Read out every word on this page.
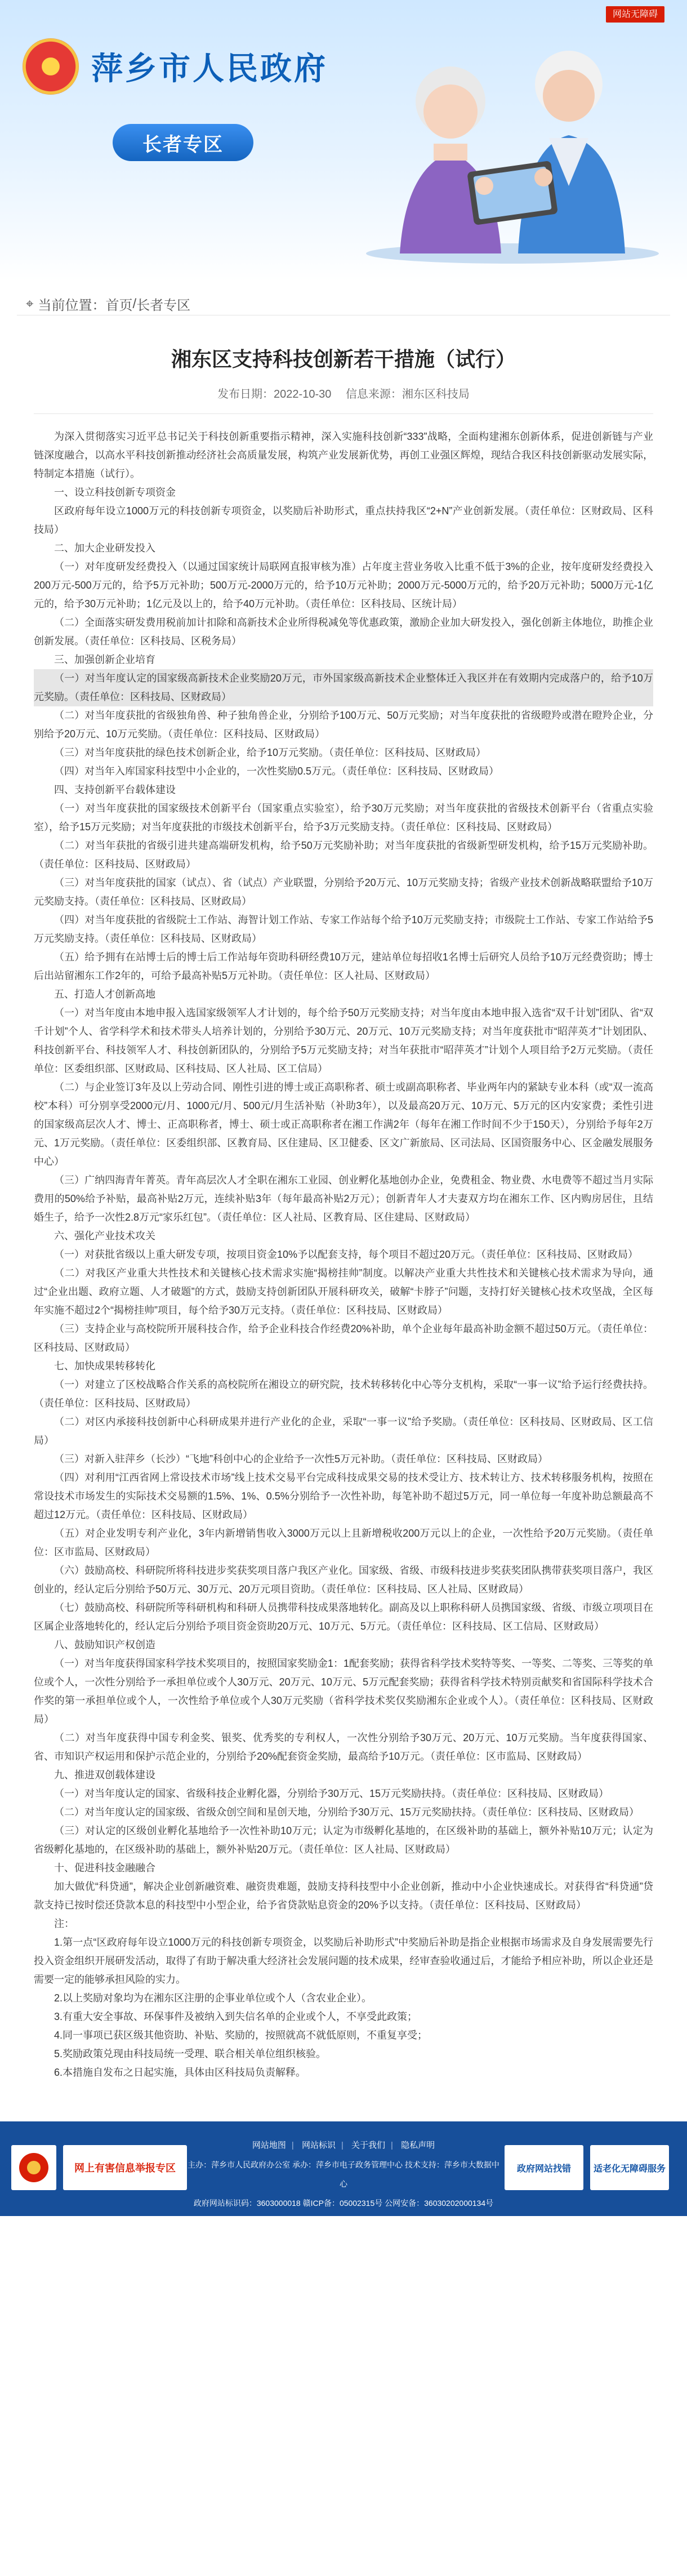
网站无障碍
萍乡市人民政府
长者专区
⌖ 当前位置： 首页 / 长者专区
湘东区支持科技创新若干措施（试行）
发布日期：2022-10-30 信息来源：湘东区科技局

为深入贯彻落实习近平总书记关于科技创新重要指示精神，深入实施科技创新“333”战略，全面构建湘东创新体系，促进创新链与产业链深度融合，以高水平科技创新推动经济社会高质量发展，构筑产业发展新优势，再创工业强区辉煌，现结合我区科技创新驱动发展实际，特制定本措施（试行）。

一、设立科技创新专项资金

区政府每年设立1000万元的科技创新专项资金，以奖励后补助形式，重点扶持我区“2+N”产业创新发展。（责任单位：区财政局、区科技局）

二、加大企业研发投入

（一）对年度研发经费投入（以通过国家统计局联网直报审核为准）占年度主营业务收入比重不低于3%的企业，按年度研发经费投入200万元-500万元的，给予5万元补助；500万元-2000万元的，给予10万元补助；2000万元-5000万元的，给予20万元补助；5000万元-1亿元的，给予30万元补助；1亿元及以上的，给予40万元补助。（责任单位：区科技局、区统计局）

（二）全面落实研发费用税前加计扣除和高新技术企业所得税减免等优惠政策，激励企业加大研发投入，强化创新主体地位，助推企业创新发展。（责任单位：区科技局、区税务局）

三、加强创新企业培育

（一）对当年度认定的国家级高新技术企业奖励20万元，市外国家级高新技术企业整体迁入我区并在有效期内完成落户的，给予10万元奖励。（责任单位：区科技局、区财政局）

（二）对当年度获批的省级独角兽、种子独角兽企业，分别给予100万元、50万元奖励；对当年度获批的省级瞪羚或潜在瞪羚企业，分别给予20万元、10万元奖励。（责任单位：区科技局、区财政局）

（三）对当年度获批的绿色技术创新企业，给予10万元奖励。（责任单位：区科技局、区财政局）

（四）对当年入库国家科技型中小企业的，一次性奖励0.5万元。（责任单位：区科技局、区财政局）

四、支持创新平台载体建设

（一）对当年度获批的国家级技术创新平台（国家重点实验室），给予30万元奖励；对当年度获批的省级技术创新平台（省重点实验室），给予15万元奖励；对当年度获批的市级技术创新平台，给予3万元奖励支持。（责任单位：区科技局、区财政局）

（二）对当年获批的省级引进共建高端研发机构，给予50万元奖励补助；对当年度获批的省级新型研发机构，给予15万元奖励补助。（责任单位：区科技局、区财政局）

（三）对当年度获批的国家（试点）、省（试点）产业联盟，分别给予20万元、10万元奖励支持；省级产业技术创新战略联盟给予10万元奖励支持。（责任单位：区科技局、区财政局）

（四）对当年度获批的省级院士工作站、海智计划工作站、专家工作站每个给予10万元奖励支持；市级院士工作站、专家工作站给予5万元奖励支持。（责任单位：区科技局、区财政局）

（五）给予拥有在站博士后的博士后工作站每年资助科研经费10万元，建站单位每招收1名博士后研究人员给予10万元经费资助；博士后出站留湘东工作2年的，可给予最高补贴5万元补助。（责任单位：区人社局、区财政局）

五、打造人才创新高地

（一）对当年度由本地申报入选国家级领军人才计划的，每个给予50万元奖励支持；对当年度由本地申报入选省“双千计划”团队、省“双千计划”个人、省学科学术和技术带头人培养计划的，分别给予30万元、20万元、10万元奖励支持；对当年度获批市“昭萍英才”计划团队、科技创新平台、科技领军人才、科技创新团队的，分别给予5万元奖励支持；对当年获批市“昭萍英才”计划个人项目给予2万元奖励。（责任单位：区委组织部、区财政局、区科技局、区人社局、区工信局）

（二）与企业签订3年及以上劳动合同、刚性引进的博士或正高职称者、硕士或副高职称者、毕业两年内的紧缺专业本科（或“双一流高校”本科）可分别享受2000元/月、1000元/月、500元/月生活补贴（补助3年），以及最高20万元、10万元、5万元的区内安家费；柔性引进的国家级高层次人才、博士、正高职称者，博士、硕士或正高职称者在湘工作满2年（每年在湘工作时间不少于150天），分别给予每年2万元、1万元奖励。（责任单位：区委组织部、区教育局、区住建局、区卫健委、区文广新旅局、区司法局、区国资服务中心、区金融发展服务中心）

（三）广纳四海青年菁英。青年高层次人才全职在湘东工业园、创业孵化基地创办企业，免费租金、物业费、水电费等不超过当月实际费用的50%给予补贴，最高补贴2万元，连续补贴3年（每年最高补贴2万元）；创新青年人才夫妻双方均在湘东工作、区内购房居住，且结婚生子，给予一次性2.8万元“家乐红包”。（责任单位：区人社局、区教育局、区住建局、区财政局）

六、强化产业技术攻关

（一）对获批省级以上重大研发专项，按项目资金10%予以配套支持，每个项目不超过20万元。（责任单位：区科技局、区财政局）

（二）对我区产业重大共性技术和关键核心技术需求实施“揭榜挂帅”制度。以解决产业重大共性技术和关键核心技术需求为导向，通过“企业出题、政府立题、人才破题”的方式，鼓励支持创新团队开展科研攻关，破解“卡脖子”问题，支持打好关键核心技术攻坚战，全区每年实施不超过2个“揭榜挂帅”项目，每个给予30万元支持。（责任单位：区科技局、区财政局）

（三）支持企业与高校院所开展科技合作，给予企业科技合作经费20%补助，单个企业每年最高补助金额不超过50万元。（责任单位：区科技局、区财政局）

七、加快成果转移转化

（一）对建立了区校战略合作关系的高校院所在湘设立的研究院，技术转移转化中心等分支机构，采取“一事一议”给予运行经费扶持。（责任单位：区科技局、区财政局）

（二）对区内承接科技创新中心科研成果并进行产业化的企业，采取“一事一议”给予奖励。（责任单位：区科技局、区财政局、区工信局）

（三）对新入驻萍乡（长沙）“飞地”科创中心的企业给予一次性5万元补助。（责任单位：区科技局、区财政局）

（四）对利用“江西省网上常设技术市场”线上技术交易平台完成科技成果交易的技术受让方、技术转让方、技术转移服务机构，按照在常设技术市场发生的实际技术交易额的1.5%、1%、0.5%分别给予一次性补助，每笔补助不超过5万元，同一单位每一年度补助总额最高不超过12万元。（责任单位：区科技局、区财政局）

（五）对企业发明专利产业化，3年内新增销售收入3000万元以上且新增税收200万元以上的企业，一次性给予20万元奖励。（责任单位：区市监局、区财政局）

（六）鼓励高校、科研院所将科技进步奖获奖项目落户我区产业化。国家级、省级、市级科技进步奖获奖团队携带获奖项目落户，我区创业的，经认定后分别给予50万元、30万元、20万元项目资助。（责任单位：区科技局、区人社局、区财政局）

（七）鼓励高校、科研院所等科研机构和科研人员携带科技成果落地转化。副高及以上职称科研人员携国家级、省级、市级立项项目在区属企业落地转化的，经认定后分别给予项目资金资助20万元、10万元、5万元。（责任单位：区科技局、区工信局、区财政局）

八、鼓励知识产权创造

（一）对当年度获得国家科学技术奖项目的，按照国家奖励金1：1配套奖励；获得省科学技术奖特等奖、一等奖、二等奖、三等奖的单位或个人，一次性分别给予一承担单位或个人30万元、20万元、10万元、5万元配套奖励；获得省科学技术特别贡献奖和省国际科学技术合作奖的第一承担单位或个人，一次性给予单位或个人30万元奖励（省科学技术奖仅奖励湘东企业或个人）。（责任单位：区科技局、区财政局）

（二）对当年度获得中国专利金奖、银奖、优秀奖的专利权人，一次性分别给予30万元、20万元、10万元奖励。当年度获得国家、省、市知识产权运用和保护示范企业的，分别给予20%配套资金奖励，最高给予10万元。（责任单位：区市监局、区财政局）

九、推进双创载体建设

（一）对当年度认定的国家、省级科技企业孵化器，分别给予30万元、15万元奖励扶持。（责任单位：区科技局、区财政局）

（二）对当年度认定的国家级、省级众创空间和星创天地，分别给予30万元、15万元奖励扶持。（责任单位：区科技局、区财政局）

（三）对认定的区级创业孵化基地给予一次性补助10万元；认定为市级孵化基地的，在区级补助的基础上，额外补贴10万元；认定为省级孵化基地的，在区级补助的基础上，额外补贴20万元。（责任单位：区人社局、区财政局）

十、促进科技金融融合

加大做优“科贷通”，解决企业创新融资难、融资贵难题，鼓励支持科技型中小企业创新，推动中小企业快速成长。对获得省“科贷通”贷款支持已按时偿还贷款本息的科技型中小型企业，给予省贷款贴息资金的20%予以支持。（责任单位：区科技局、区财政局）

注：

1.第一点“区政府每年设立1000万元的科技创新专项资金，以奖励后补助形式”中奖励后补助是指企业根据市场需求及自身发展需要先行投入资金组织开展研发活动，取得了有助于解决重大经济社会发展问题的技术成果，经审查验收通过后，才能给予相应补助，所以企业还是需要一定的能够承担风险的实力。

2.以上奖励对象均为在湘东区注册的企事业单位或个人（含农业企业）。

3.有重大安全事故、环保事件及被纳入到失信名单的企业或个人，不享受此政策；

4.同一事项已获区级其他资助、补贴、奖励的，按照就高不就低原则，不重复享受；

5.奖励政策兑现由科技局统一受理、联合相关单位组织核验。

6.本措施自发布之日起实施，具体由区科技局负责解释。

网上有害信息举报专区
网站地图 | 网站标识 | 关于我们 | 隐私声明
主办：萍乡市人民政府办公室 承办：萍乡市电子政务管理中心 技术支持：萍乡市大数据中心
政府网站标识码：3603000018 赣ICP备：05002315号 公网安备：36030202000134号
政府网站找错	适老化无障碍服务
